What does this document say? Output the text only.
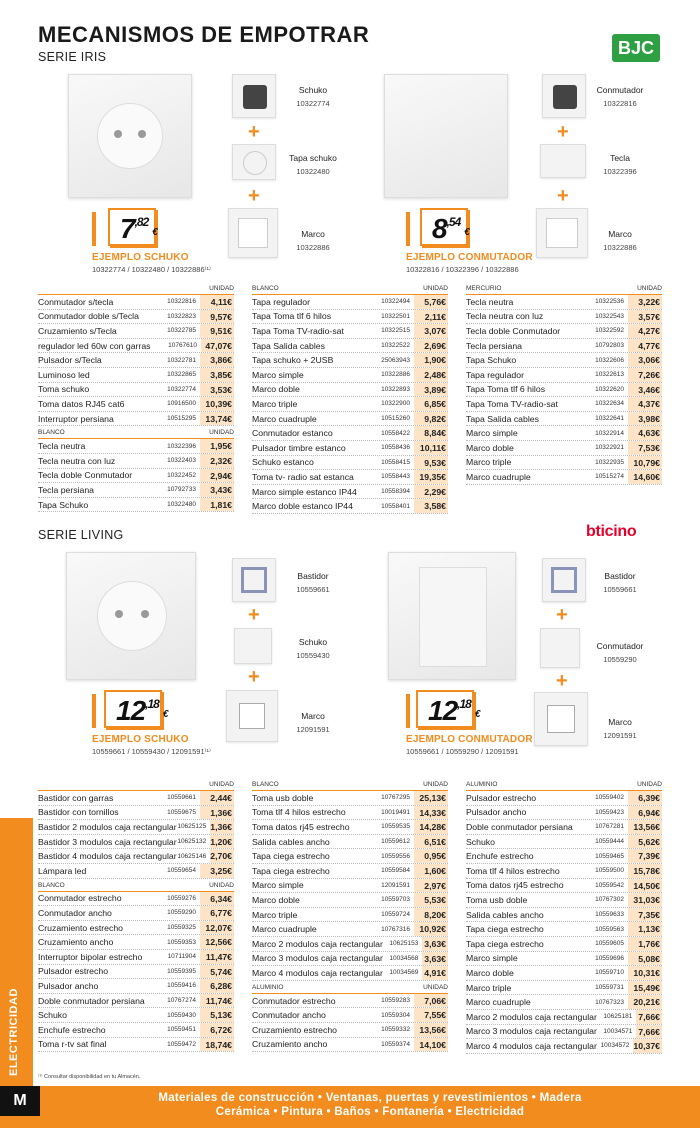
MECANISMOS DE EMPOTRAR
SERIE IRIS	BJC
+
+
Schuko
10322774
Tapa schuko
10322480
Marco
10322886
7 ,82
€
EJEMPLO SCHUKO
10322774 / 10322480 / 10322886⁽¹⁾
+
+
Conmutador
10322816
Tecla
10322396
Marco
10322886
8 ,54
€
EJEMPLO CONMUTADOR
10322816 / 10322396 / 10322886
UNIDAD
Conmutador s/tecla	10322816	4,11€
Conmutador doble s/Tecla	10322823	9,57€
Cruzamiento s/Tecla	10322785	9,51€
regulador led 60w con garras	10767610 47,07€
Pulsador s/Tecla	10322781	3,86€
Luminoso led	10322865	3,85€
Toma schuko	10322774	3,53€
Toma datos RJ45 cat6	10916500	10,39€
Interruptor persiana	10515295	13,74€
BLANCO	UNIDAD
Tecla neutra	10322396	1,95€
Tecla neutra con luz	10322403	2,32€
Tecla doble Conmutador	10322452	2,94€
Tecla persiana	10792733	3,43€
Tapa Schuko	10322480	1,81€
BLANCO	UNIDAD
Tapa regulador	10322494	5,76€
Tapa Toma tlf 6 hilos	10322501	2,11€
Tapa Toma TV-radio-sat	10322515	3,07€
Tapa Salida cables	10322522	2,69€
Tapa schuko + 2USB	25063943	1,90€
Marco simple	10322886	2,48€
Marco doble	10322893	3,89€
Marco triple	10322900	6,85€
Marco cuadruple	10515260	9,82€
Conmutador estanco	10558422	8,84€
Pulsador timbre estanco	10558436	10,11€
Schuko estanco	10558415	9,53€
Toma tv- radio sat estanca	10558443	19,35€
Marco simple estanco IP44	10558394	2,29€
Marco doble estanco IP44	10558401	3,58€
MERCURIO	UNIDAD
Tecla neutra	10322536	3,22€
Tecla neutra con luz	10322543	3,57€
Tecla doble Conmutador	10322592	4,27€
Tecla persiana	10792803	4,77€
Tapa Schuko	10322606	3,06€
Tapa regulador	10322613	7,26€
Tapa Toma tlf 6 hilos	10322620	3,46€
Tapa Toma TV-radio-sat	10322634	4,37€
Tapa Salida cables	10322641	3,98€
Marco simple	10322914	4,63€
Marco doble	10322921	7,53€
Marco triple	10322935	10,79€
Marco cuadruple	10515274	14,60€
SERIE LIVING	bticino
+
+
Bastidor
10559661
Schuko
10559430
Marco
12091591
12 ,18
€
EJEMPLO SCHUKO
10559661 / 10559430 / 12091591⁽¹⁾
+
+
Bastidor
10559661
Conmutador
10559290
Marco
12091591
12 ,18
€
EJEMPLO CONMUTADOR
10559661 / 10559290 / 12091591
UNIDAD
Bastidor con garras	10559661	2,44€
Bastidor con tornillos	10559675	1,36€
Bastidor 2 modulos caja rectangular 10625125 1,36€
Bastidor 3 modulos caja rectangular 10625132 1,20€
Bastidor 4 modulos caja rectangular 10625146 2,70€
Lámpara led	10559654	3,25€
BLANCO	UNIDAD
Conmutador estrecho	10559276	6,34€
Conmutador ancho	10559290	6,77€
Cruzamiento estrecho	10559325	12,07€
Cruzamiento ancho	10559353	12,56€
Interruptor bipolar estrecho	10711904	11,47€
Pulsador estrecho	10559395	5,74€
Pulsador ancho	10559416	6,28€
Doble conmutador persiana	10767274	11,74€
Schuko	10559430	5,13€
Enchufe estrecho	10559451	6,72€
Toma r-tv sat final	10559472	18,74€
BLANCO	UNIDAD
Toma usb doble	10767295	25,13€
Toma tlf 4 hilos estrecho	10019491	14,33€
Toma datos rj45 estrecho	10559535	14,28€
Salida cables ancho	10559612	6,51€
Tapa ciega estrecho	10559556	0,95€
Tapa ciega estrecho	10559584	1,60€
Marco simple	12091591	2,97€
Marco doble	10559703	5,53€
Marco triple	10559724	8,20€
Marco cuadruple	10767316	10,92€
Marco 2 modulos caja rectangular	10625153 3,63€
Marco 3 modulos caja rectangular	10034568 3,63€
Marco 4 modulos caja rectangular	10034569 4,91€
ALUMINIO	UNIDAD
Conmutador estrecho	10559283	7,06€
Conmutador ancho	10559304	7,55€
Cruzamiento estrecho	10559332	13,56€
Cruzamiento ancho	10559374	14,10€
ALUMINIO	UNIDAD
Pulsador estrecho	10559402	6,39€
Pulsador ancho	10559423	6,94€
Doble conmutador persiana	10767281	13,56€
Schuko	10559444	5,62€
Enchufe estrecho	10559465	7,39€
Toma tlf 4 hilos estrecho	10559500	15,78€
Toma datos rj45 estrecho	10559542	14,50€
Toma usb doble	10767302	31,03€
Salida cables ancho	10559633	7,35€
Tapa ciega estrecho	10559563	1,13€
Tapa ciega estrecho	10559605	1,76€
Marco simple	10559696	5,08€
Marco doble	10559710	10,31€
Marco triple	10559731	15,49€
Marco cuadruple	10767323	20,21€
Marco 2 modulos caja rectangular	10625181 7,66€
Marco 3 modulos caja rectangular	10034571 7,66€
Marco 4 modulos caja rectangular 10034572 10,37€
⁽¹⁾ Consultar disponibilidad en tu Almacén.
ELECTRICIDAD
M	Materiales de construcción • Ventanas, puertas y revestimientos • Madera
Cerámica • Pintura • Baños • Fontanería • Electricidad
